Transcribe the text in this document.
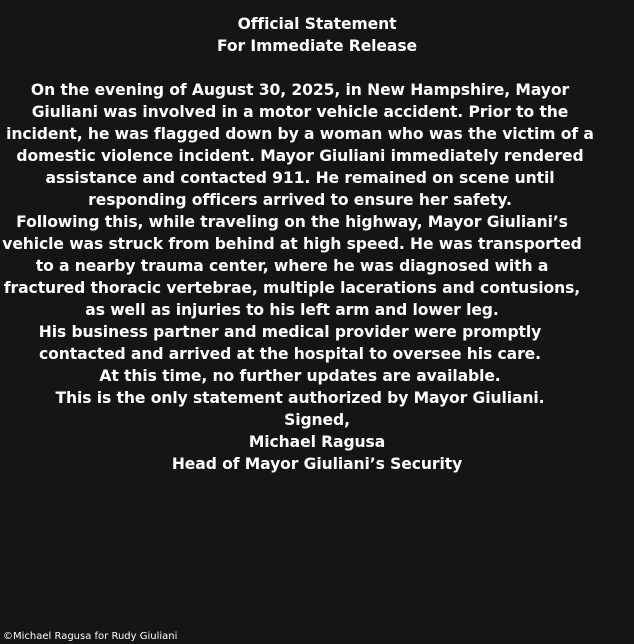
Official Statement

For Immediate Release

On the evening of August 30, 2025, in New Hampshire, Mayor Giuliani was involved in a motor vehicle accident. Prior to the incident, he was flagged down by a woman who was the victim of a domestic violence incident. Mayor Giuliani immediately rendered assistance and contacted 911. He remained on scene until responding officers arrived to ensure her safety.

Following this, while traveling on the highway, Mayor Giuliani’s vehicle was struck from behind at high speed. He was transported to a nearby trauma center, where he was diagnosed with a fractured thoracic vertebrae, multiple lacerations and contusions, as well as injuries to his left arm and lower leg.

His business partner and medical provider were promptly contacted and arrived at the hospital to oversee his care.

At this time, no further updates are available.

This is the only statement authorized by Mayor Giuliani.

Signed,

Michael Ragusa

Head of Mayor Giuliani’s Security

©Michael Ragusa for Rudy Giuliani
